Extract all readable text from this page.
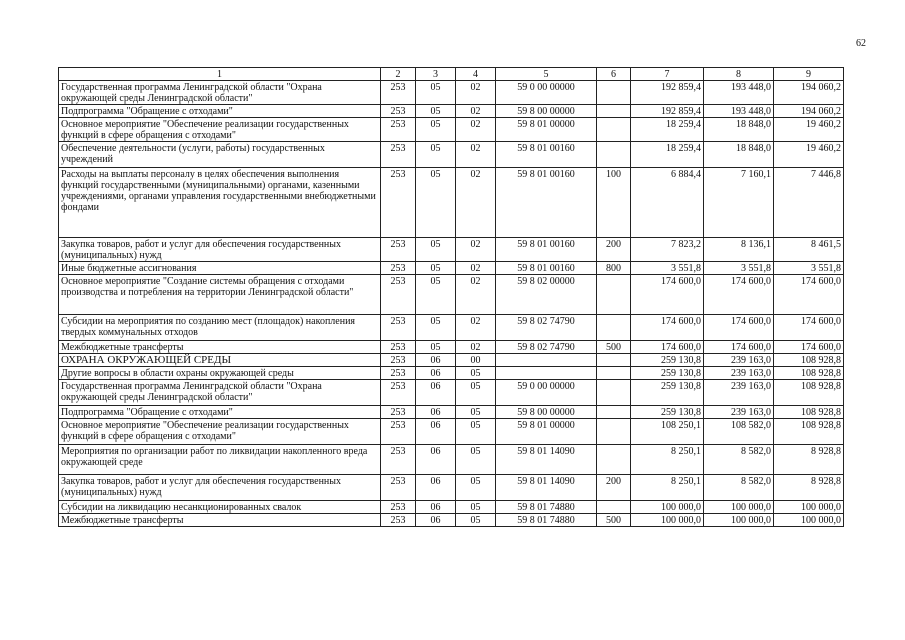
62
1	2	3	4	5	6	7	8	9
Государственная программа Ленинградской области "Охрана окружающей среды Ленинградской области"	253	05	02	59 0 00 00000		192 859,4	193 448,0	194 060,2
Подпрограмма "Обращение с отходами"	253	05	02	59 8 00 00000		192 859,4	193 448,0	194 060,2
Основное мероприятие "Обеспечение реализации государственных функций в сфере обращения с отходами"	253	05	02	59 8 01 00000		18 259,4	18 848,0	19 460,2
Обеспечение деятельности (услуги, работы) государственных учреждений	253	05	02	59 8 01 00160		18 259,4	18 848,0	19 460,2
Расходы на выплаты персоналу в целях обеспечения выполнения функций государственными (муниципальными) органами, казенными учреждениями, органами управления государственными внебюджетными фондами	253	05	02	59 8 01 00160	100	6 884,4	7 160,1	7 446,8
Закупка товаров, работ и услуг для обеспечения государственных (муниципальных) нужд	253	05	02	59 8 01 00160	200	7 823,2	8 136,1	8 461,5
Иные бюджетные ассигнования	253	05	02	59 8 01 00160	800	3 551,8	3 551,8	3 551,8
Основное мероприятие "Создание системы обращения с отходами производства и потребления на территории Ленинградской области"	253	05	02	59 8 02 00000		174 600,0	174 600,0	174 600,0
Субсидии на мероприятия по созданию мест (площадок) накопления твердых коммунальных отходов	253	05	02	59 8 02 74790		174 600,0	174 600,0	174 600,0
Межбюджетные трансферты	253	05	02	59 8 02 74790	500	174 600,0	174 600,0	174 600,0
ОХРАНА ОКРУЖАЮЩЕЙ СРЕДЫ	253	06	00			259 130,8	239 163,0	108 928,8
Другие вопросы в области охраны окружающей среды	253	06	05			259 130,8	239 163,0	108 928,8
Государственная программа Ленинградской области "Охрана окружающей среды Ленинградской области"	253	06	05	59 0 00 00000		259 130,8	239 163,0	108 928,8
Подпрограмма "Обращение с отходами"	253	06	05	59 8 00 00000		259 130,8	239 163,0	108 928,8
Основное мероприятие "Обеспечение реализации государственных функций в сфере обращения с отходами"	253	06	05	59 8 01 00000		108 250,1	108 582,0	108 928,8
Мероприятия по организации работ по ликвидации накопленного вреда окружающей среде	253	06	05	59 8 01 14090		8 250,1	8 582,0	8 928,8
Закупка товаров, работ и услуг для обеспечения государственных (муниципальных) нужд	253	06	05	59 8 01 14090	200	8 250,1	8 582,0	8 928,8
Субсидии на ликвидацию несанкционированных свалок	253	06	05	59 8 01 74880		100 000,0	100 000,0	100 000,0
Межбюджетные трансферты	253	06	05	59 8 01 74880	500	100 000,0	100 000,0	100 000,0
